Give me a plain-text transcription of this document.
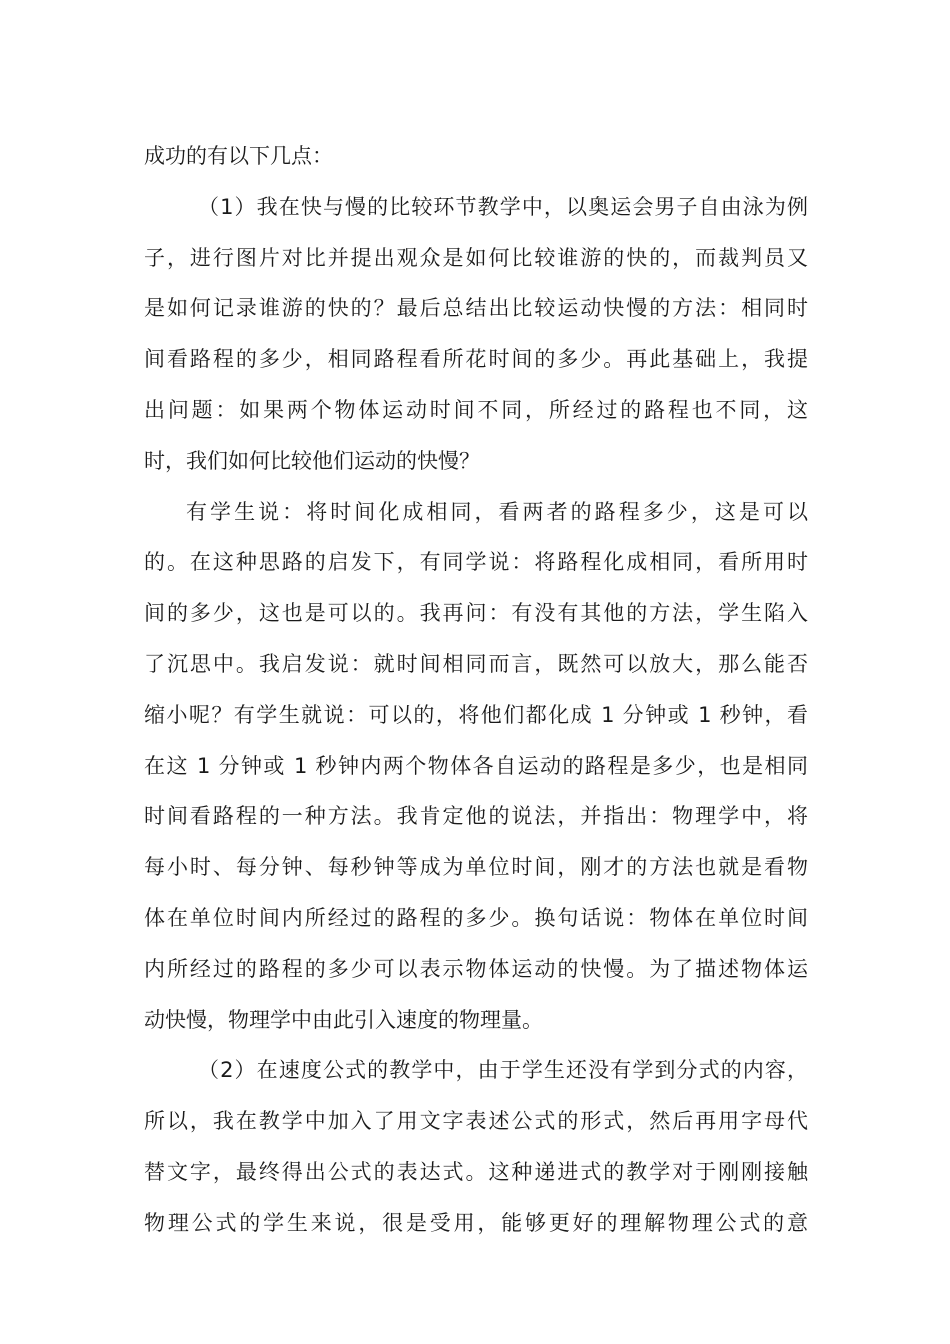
成功的有以下几点：
（1）我在快与慢的比较环节教学中，以奥运会男子自由泳为例
子，进行图片对比并提出观众是如何比较谁游的快的，而裁判员又
是如何记录谁游的快的？最后总结出比较运动快慢的方法：相同时
间看路程的多少，相同路程看所花时间的多少。再此基础上，我提
出问题：如果两个物体运动时间不同，所经过的路程也不同，这
时，我们如何比较他们运动的快慢？
有学生说：将时间化成相同，看两者的路程多少，这是可以
的。在这种思路的启发下，有同学说：将路程化成相同，看所用时
间的多少，这也是可以的。我再问：有没有其他的方法，学生陷入
了沉思中。我启发说：就时间相同而言，既然可以放大，那么能否
缩小呢？有学生就说：可以的，将他们都化成 1 分钟或 1 秒钟，看
在这 1 分钟或 1 秒钟内两个物体各自运动的路程是多少，也是相同
时间看路程的一种方法。我肯定他的说法，并指出：物理学中，将
每小时、每分钟、每秒钟等成为单位时间，刚才的方法也就是看物
体在单位时间内所经过的路程的多少。换句话说：物体在单位时间
内所经过的路程的多少可以表示物体运动的快慢。为了描述物体运
动快慢，物理学中由此引入速度的物理量。
（2）在速度公式的教学中，由于学生还没有学到分式的内容，
所以，我在教学中加入了用文字表述公式的形式，然后再用字母代
替文字，最终得出公式的表达式。这种递进式的教学对于刚刚接触
物理公式的学生来说，很是受用，能够更好的理解物理公式的意
